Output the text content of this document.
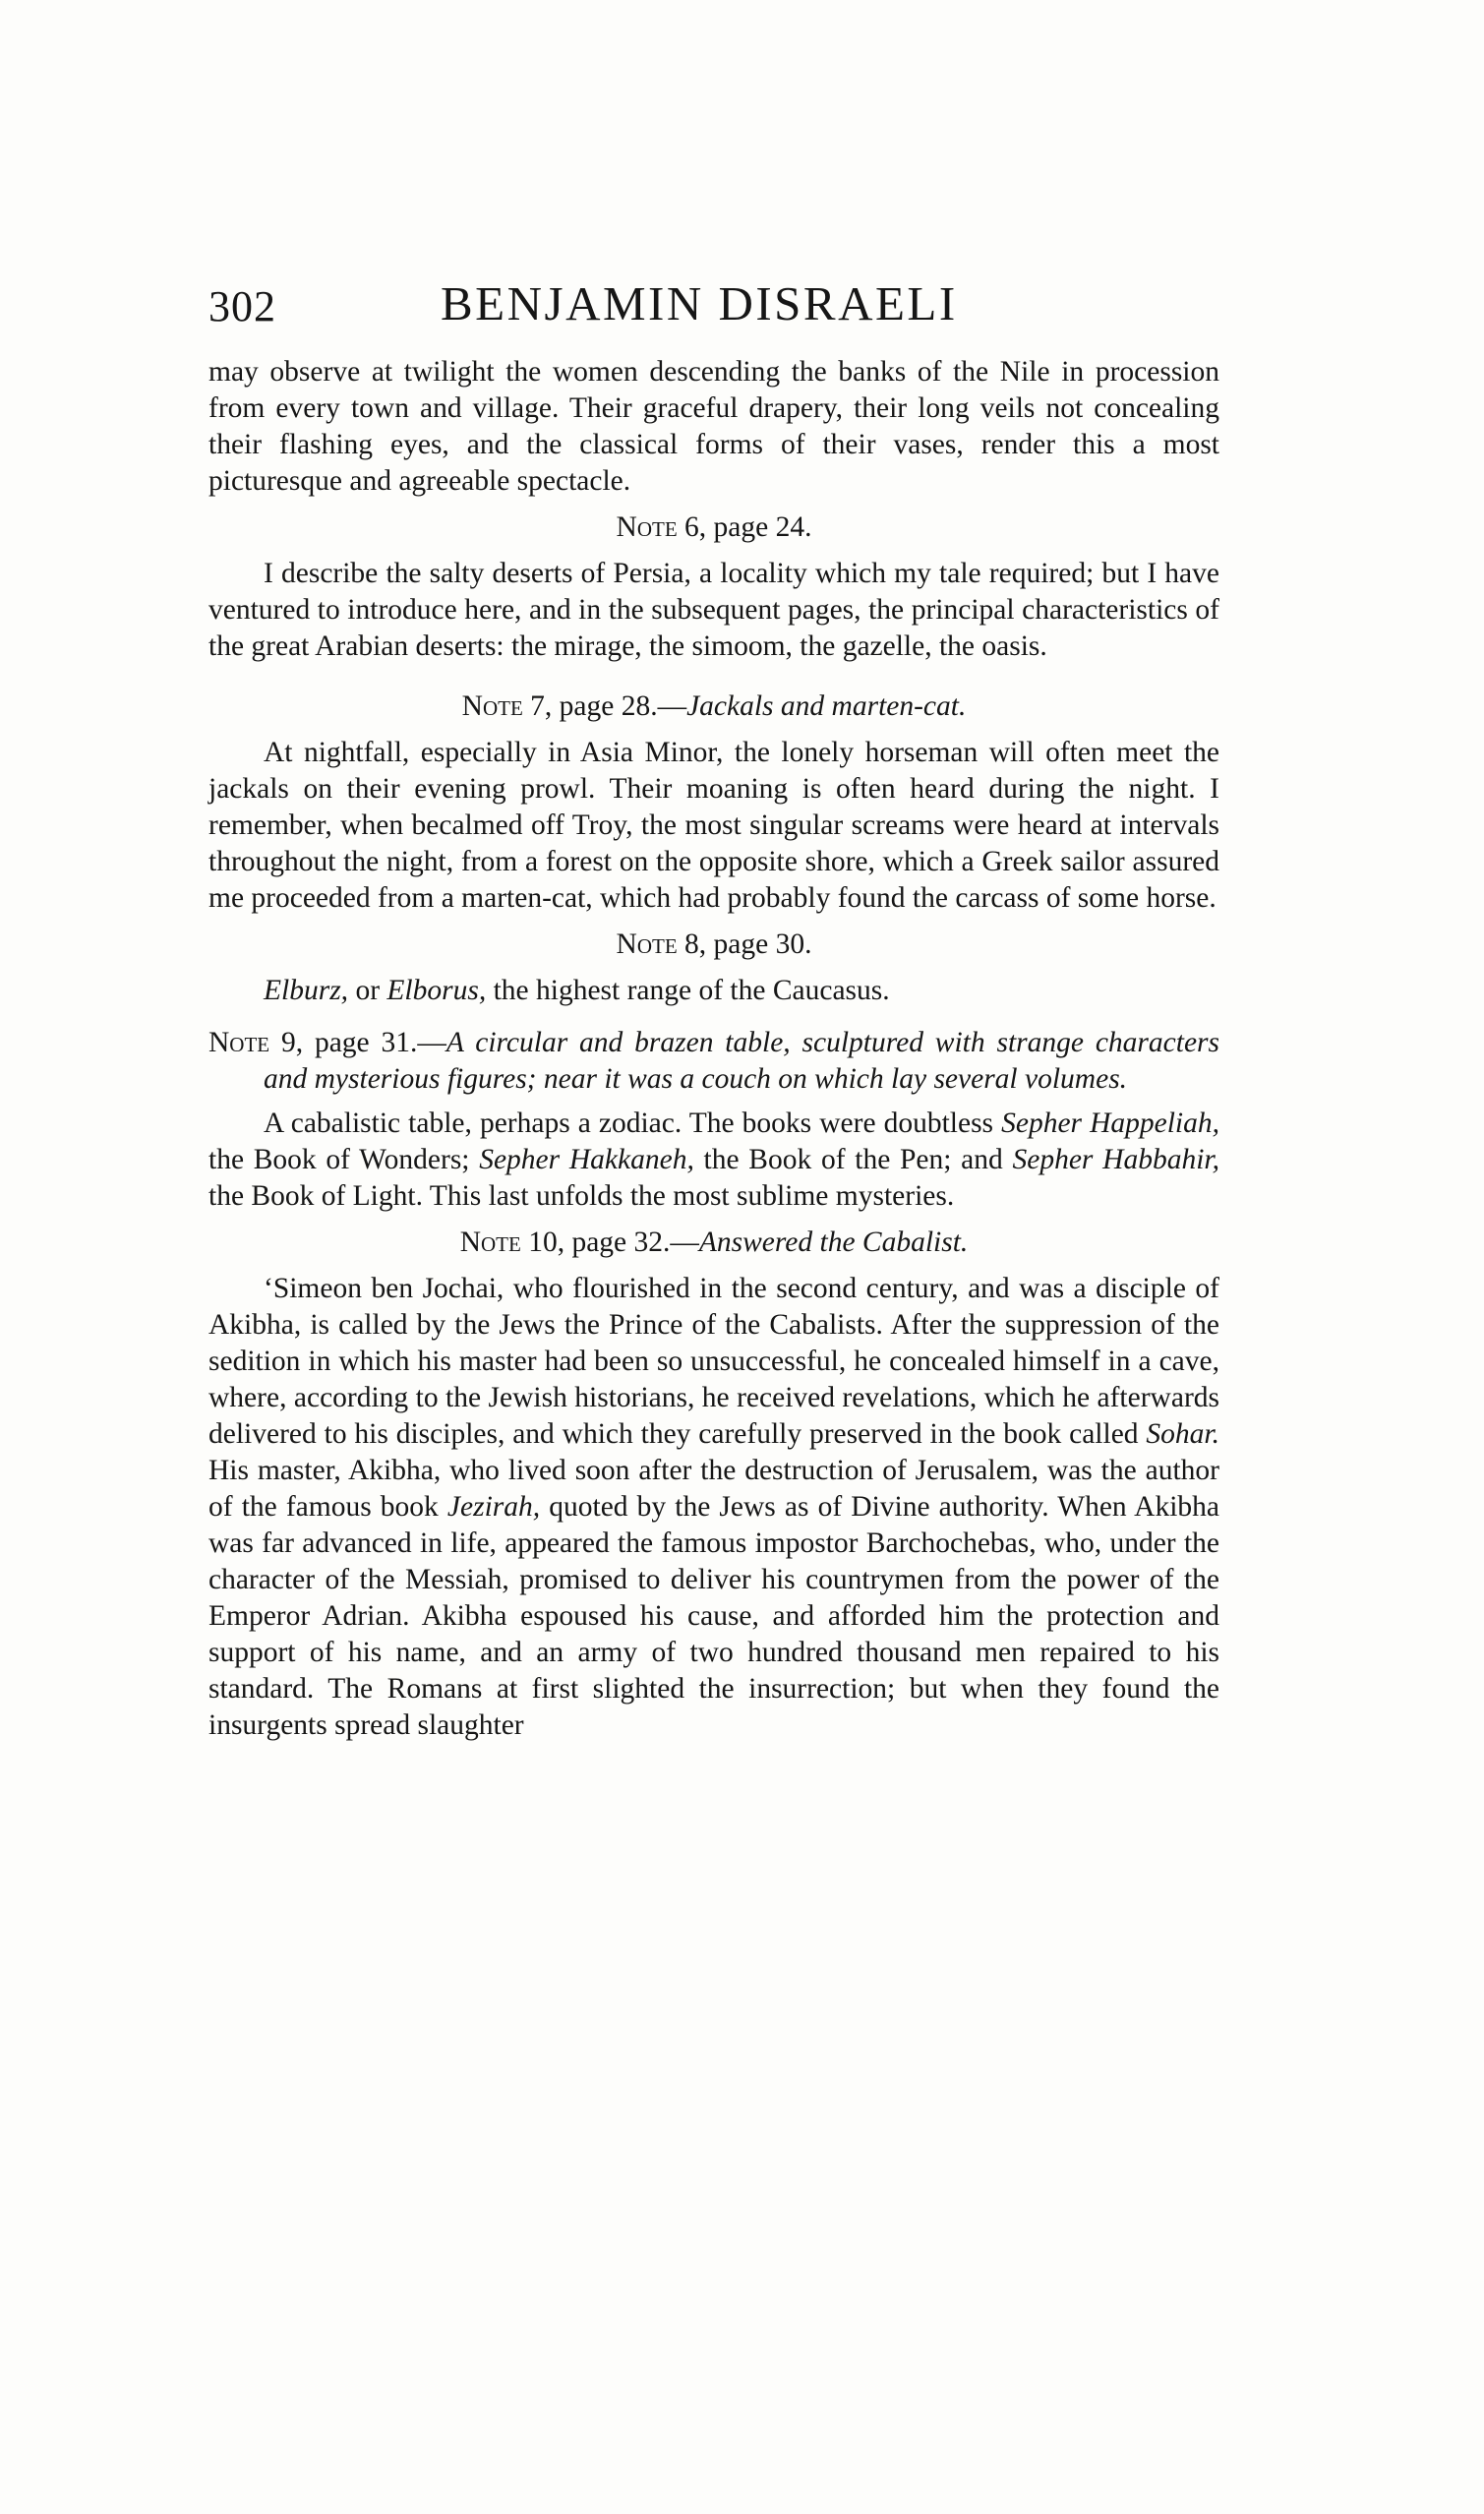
302	BENJAMIN DISRAELI

may observe at twilight the women descending the banks of the Nile in procession from every town and village. Their graceful drapery, their long veils not concealing their flashing eyes, and the classical forms of their vases, render this a most picturesque and agreeable spectacle.

Note 6, page 24.

I describe the salty deserts of Persia, a locality which my tale required; but I have ventured to introduce here, and in the subsequent pages, the principal characteristics of the great Arabian deserts: the mirage, the simoom, the gazelle, the oasis.

Note 7, page 28.—Jackals and marten-cat.

At nightfall, especially in Asia Minor, the lonely horseman will often meet the jackals on their evening prowl. Their moaning is often heard during the night. I remember, when becalmed off Troy, the most singular screams were heard at intervals throughout the night, from a forest on the opposite shore, which a Greek sailor assured me proceeded from a marten-cat, which had probably found the carcass of some horse.

Note 8, page 30.

Elburz, or Elborus, the highest range of the Caucasus.

Note 9, page 31.—A circular and brazen table, sculptured with strange characters and mysterious figures; near it was a couch on which lay several volumes.

A cabalistic table, perhaps a zodiac. The books were doubtless Sepher Happeliah, the Book of Wonders; Sepher Hakkaneh, the Book of the Pen; and Sepher Habbahir, the Book of Light. This last unfolds the most sublime mysteries.

Note 10, page 32.—Answered the Cabalist.

‘Simeon ben Jochai, who flourished in the second century, and was a disciple of Akibha, is called by the Jews the Prince of the Cabalists. After the suppression of the sedition in which his master had been so unsuccessful, he concealed himself in a cave, where, according to the Jewish historians, he received revelations, which he afterwards delivered to his disciples, and which they carefully preserved in the book called Sohar. His master, Akibha, who lived soon after the destruction of Jerusalem, was the author of the famous book Jezirah, quoted by the Jews as of Divine authority. When Akibha was far advanced in life, appeared the famous impostor Barchochebas, who, under the character of the Messiah, promised to deliver his countrymen from the power of the Emperor Adrian. Akibha espoused his cause, and afforded him the protection and support of his name, and an army of two hundred thousand men repaired to his standard. The Romans at first slighted the insurrection; but when they found the insurgents spread slaughter
